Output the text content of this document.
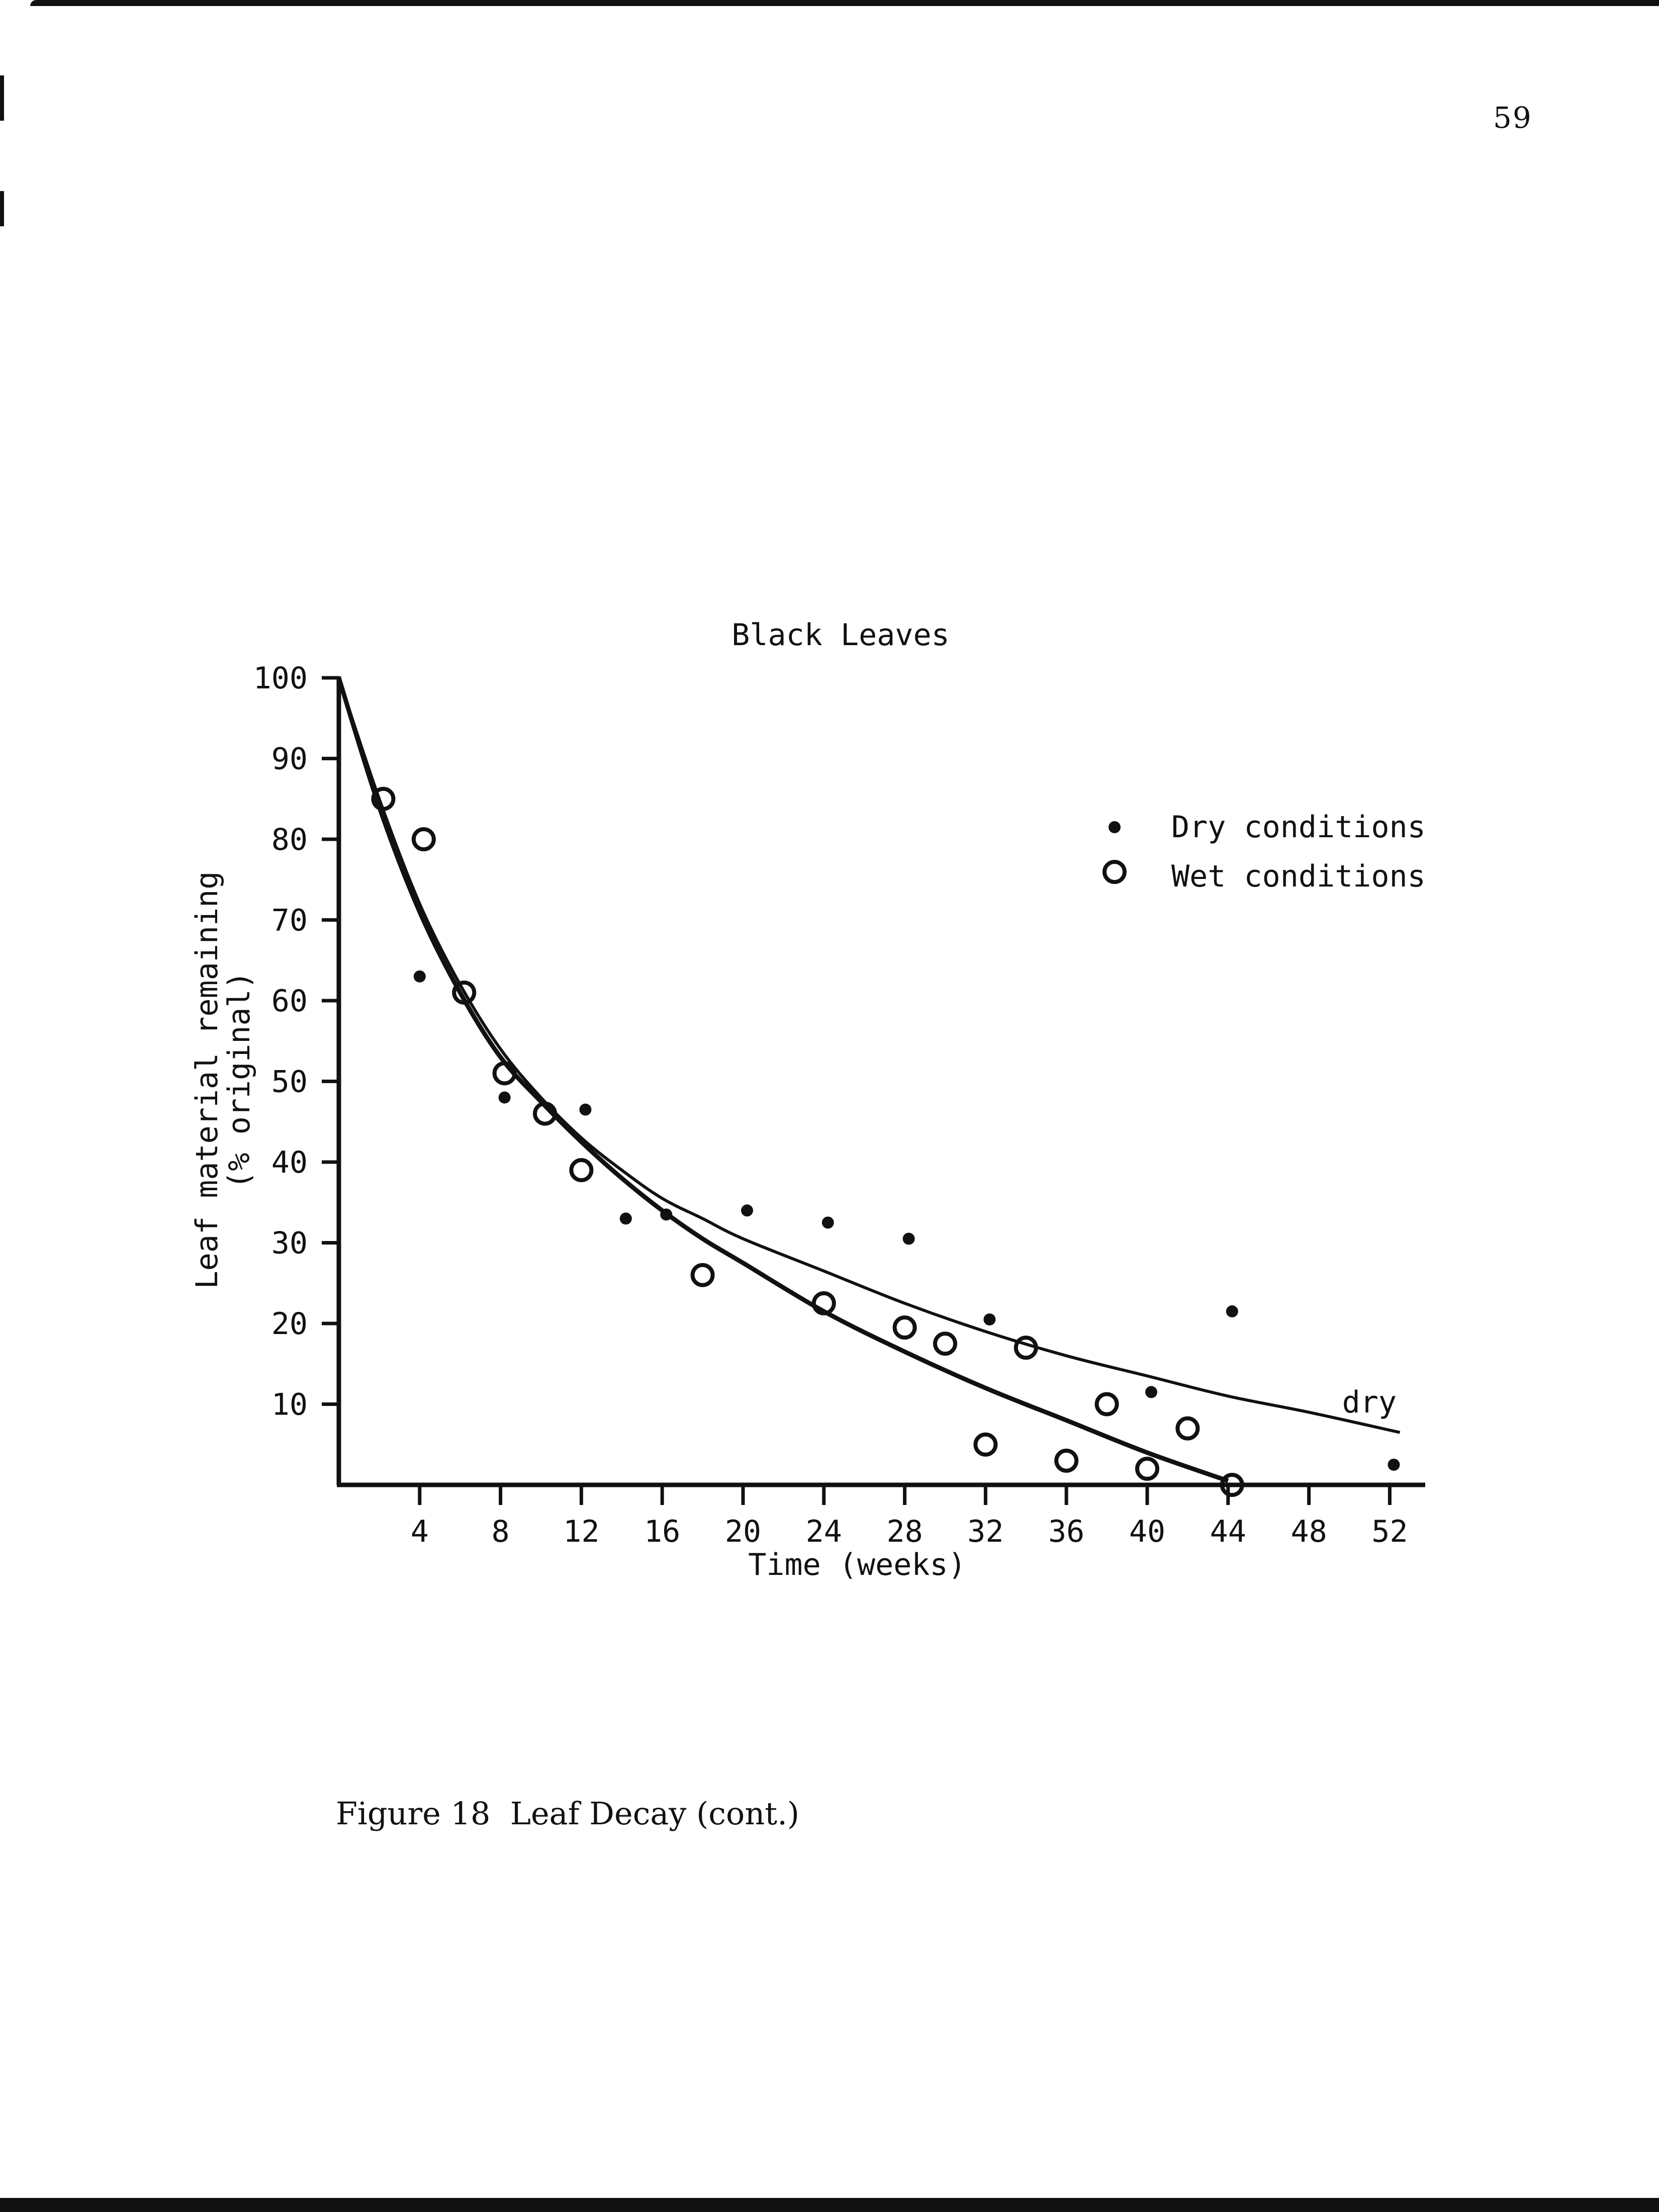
59
Black Leaves
10
20
30
40
50
60
70
80
90
100
4 8 12 16 20 24 28 32 36 40 44 48 52
Leaf material remaining
(% original)
Time (weeks)
dry
Dry conditions
Wet conditions
Figure 18  Leaf Decay (cont.)
